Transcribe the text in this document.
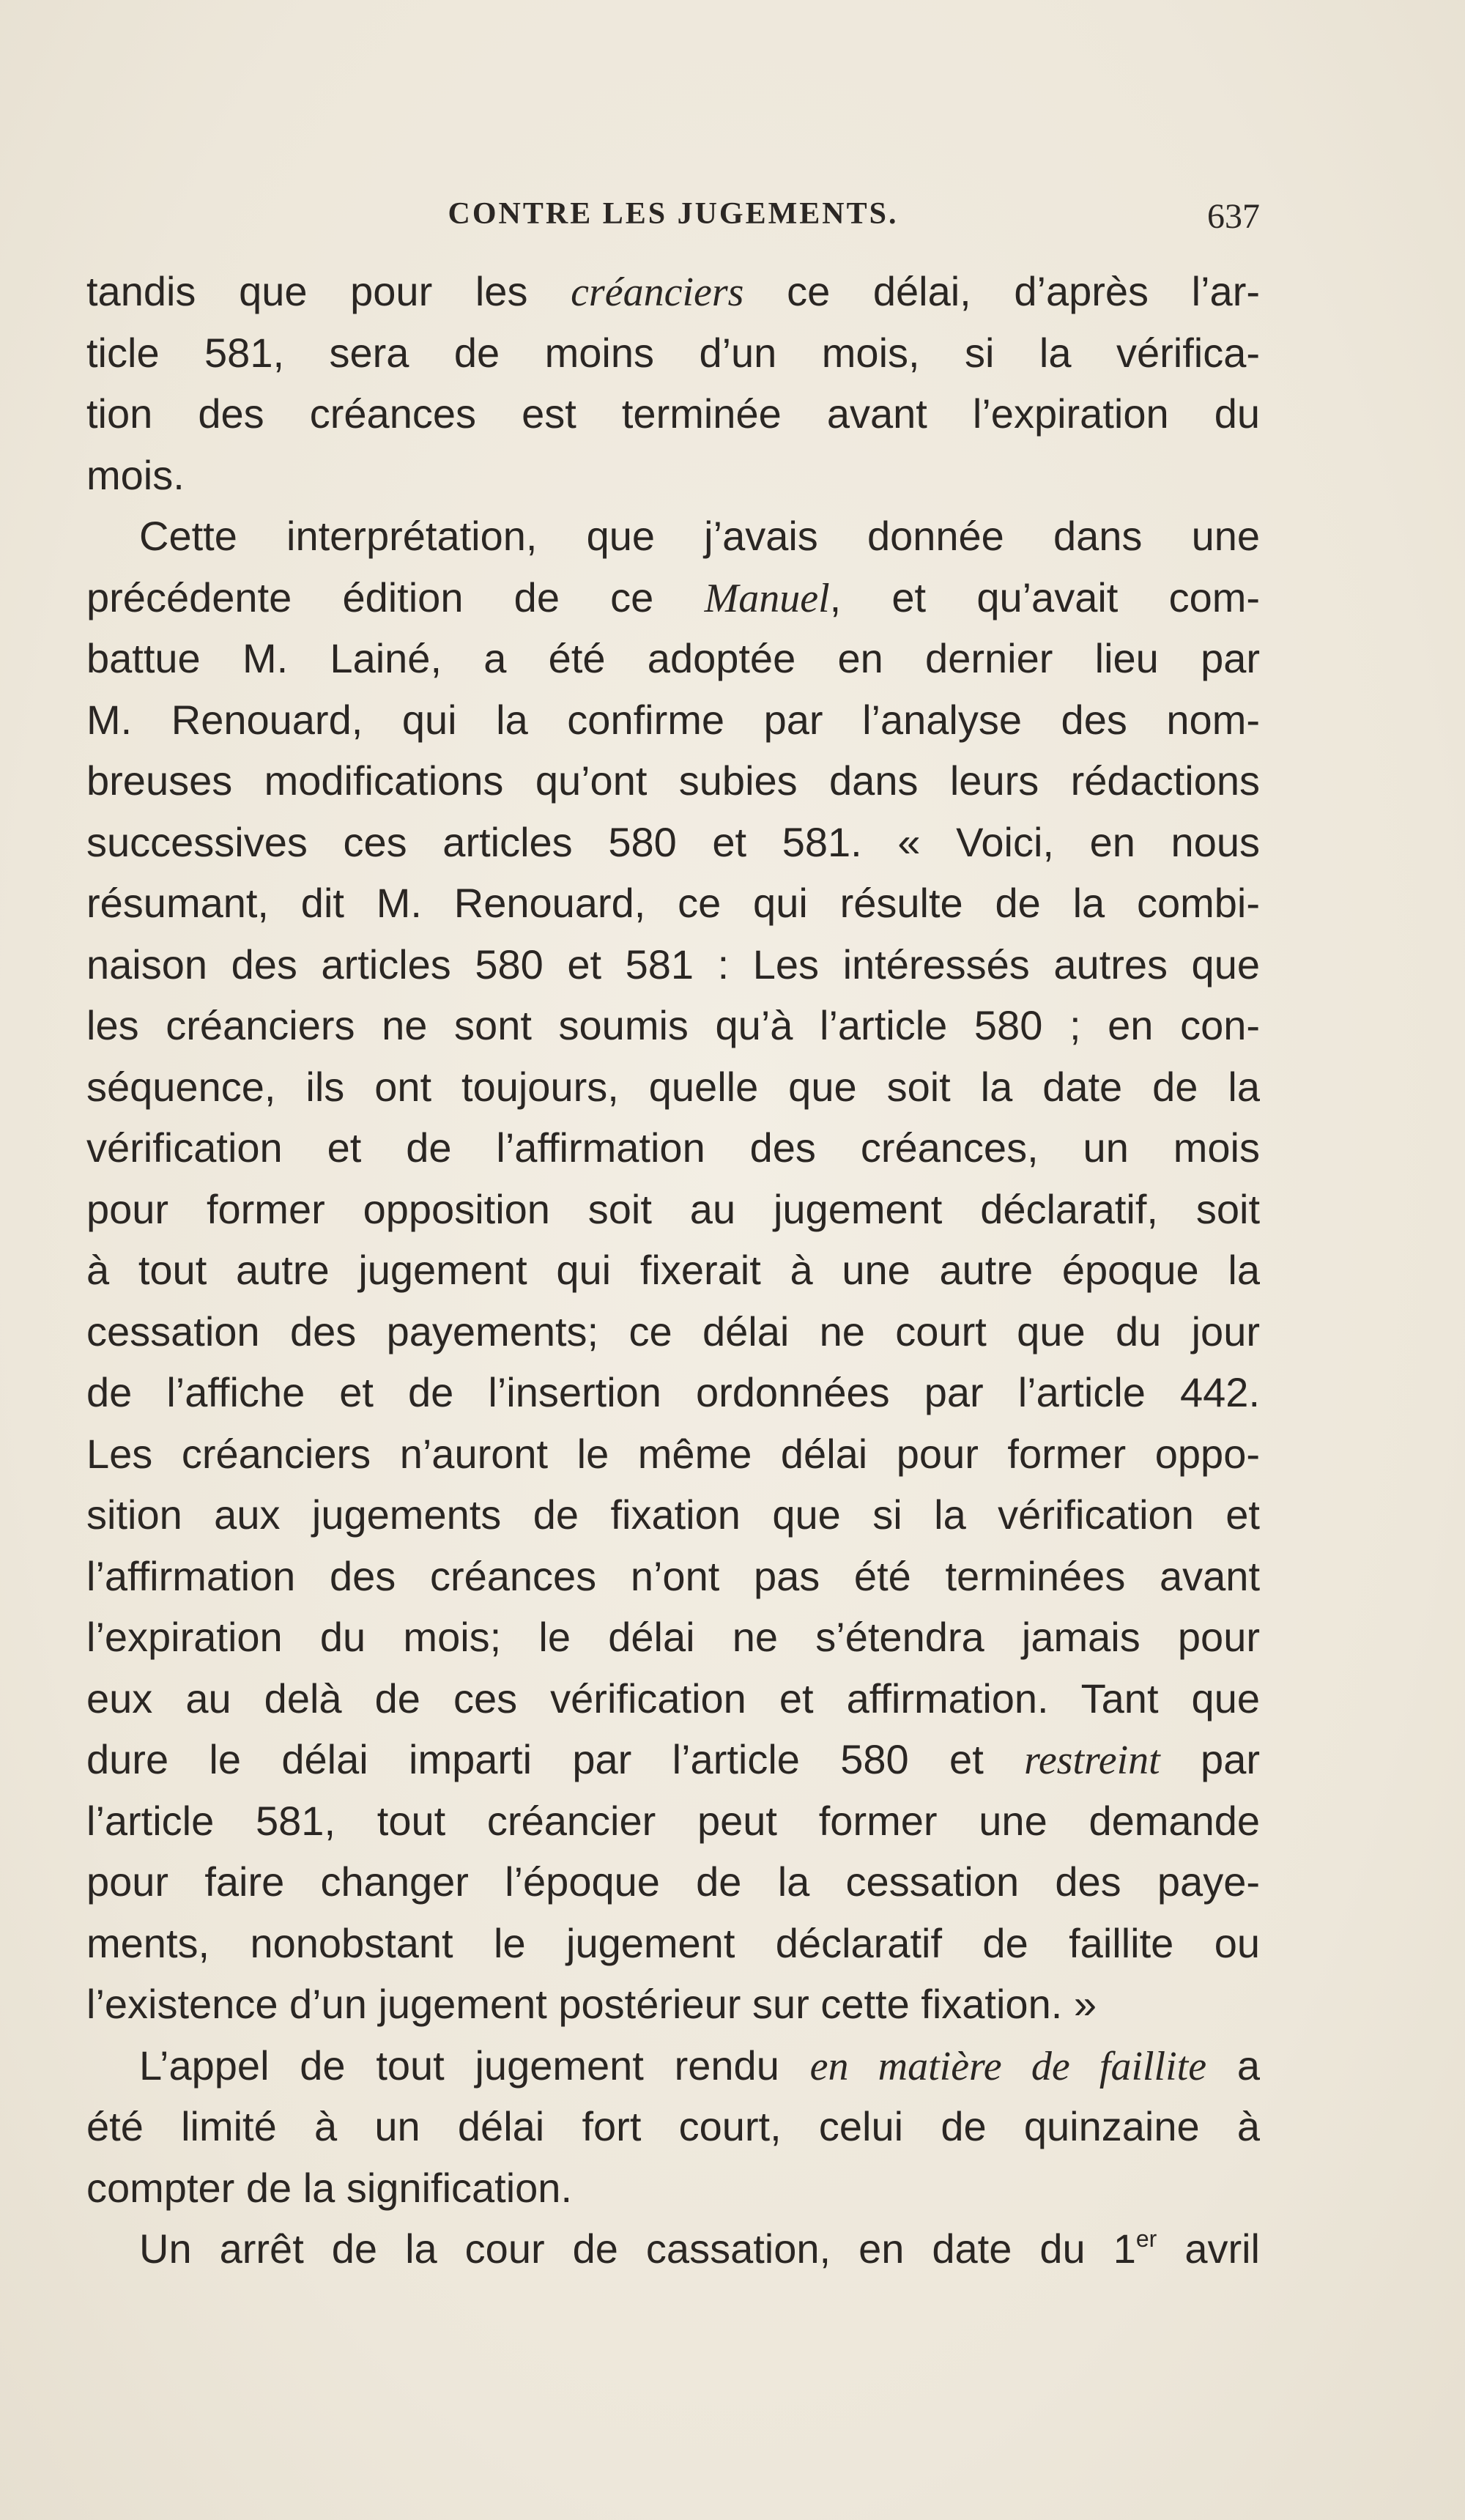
CONTRE LES JUGEMENTS.	637
tandis que pour les créanciers ce délai, d’après l’ar-
ticle 581, sera de moins d’un mois, si la vérifica-
tion des créances est terminée avant l’expiration du
mois.
Cette interprétation, que j’avais donnée dans une
précédente édition de ce Manuel, et qu’avait com-
battue M. Lainé, a été adoptée en dernier lieu par
M. Renouard, qui la confirme par l’analyse des nom-
breuses modifications qu’ont subies dans leurs rédactions
successives ces articles 580 et 581. « Voici, en nous
résumant, dit M. Renouard, ce qui résulte de la combi-
naison des articles 580 et 581 : Les intéressés autres que
les créanciers ne sont soumis qu’à l’article 580 ; en con-
séquence, ils ont toujours, quelle que soit la date de la
vérification et de l’affirmation des créances, un mois
pour former opposition soit au jugement déclaratif, soit
à tout autre jugement qui fixerait à une autre époque la
cessation des payements; ce délai ne court que du jour
de l’affiche et de l’insertion ordonnées par l’article 442.
Les créanciers n’auront le même délai pour former oppo-
sition aux jugements de fixation que si la vérification et
l’affirmation des créances n’ont pas été terminées avant
l’expiration du mois; le délai ne s’étendra jamais pour
eux au delà de ces vérification et affirmation. Tant que
dure le délai imparti par l’article 580 et restreint par
l’article 581, tout créancier peut former une demande
pour faire changer l’époque de la cessation des paye-
ments, nonobstant le jugement déclaratif de faillite ou
l’existence d’un jugement postérieur sur cette fixation. »
L’appel de tout jugement rendu en matière de faillite a
été limité à un délai fort court, celui de quinzaine à
compter de la signification.
Un arrêt de la cour de cassation, en date du 1er avril
